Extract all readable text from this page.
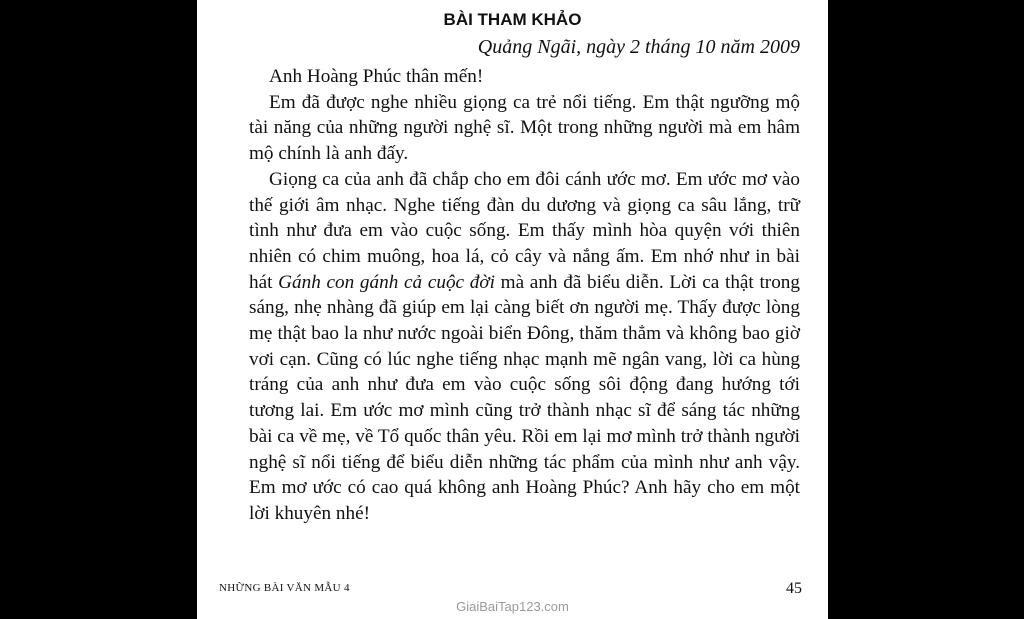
BÀI THAM KHẢO

Quảng Ngãi, ngày 2 tháng 10 năm 2009

Anh Hoàng Phúc thân mến!

Em đã được nghe nhiều giọng ca trẻ nổi tiếng. Em thật ngưỡng mộ tài năng của những người nghệ sĩ. Một trong những người mà em hâm mộ chính là anh đấy.

Giọng ca của anh đã chắp cho em đôi cánh ước mơ. Em ước mơ vào thế giới âm nhạc. Nghe tiếng đàn du dương và giọng ca sâu lắng, trữ tình như đưa em vào cuộc sống. Em thấy mình hòa quyện với thiên nhiên có chim muông, hoa lá, cỏ cây và nắng ấm. Em nhớ như in bài hát Gánh con gánh cả cuộc đời mà anh đã biểu diễn. Lời ca thật trong sáng, nhẹ nhàng đã giúp em lại càng biết ơn người mẹ. Thấy được lòng mẹ thật bao la như nước ngoài biển Đông, thăm thẳm và không bao giờ vơi cạn. Cũng có lúc nghe tiếng nhạc mạnh mẽ ngân vang, lời ca hùng tráng của anh như đưa em vào cuộc sống sôi động đang hướng tới tương lai. Em ước mơ mình cũng trở thành nhạc sĩ để sáng tác những bài ca về mẹ, về Tổ quốc thân yêu. Rồi em lại mơ mình trở thành người nghệ sĩ nổi tiếng để biểu diễn những tác phẩm của mình như anh vậy. Em mơ ước có cao quá không anh Hoàng Phúc? Anh hãy cho em một lời khuyên nhé!

NHỮNG BÀI VĂN MẪU 4	45
GiaiBaiTap123.com
